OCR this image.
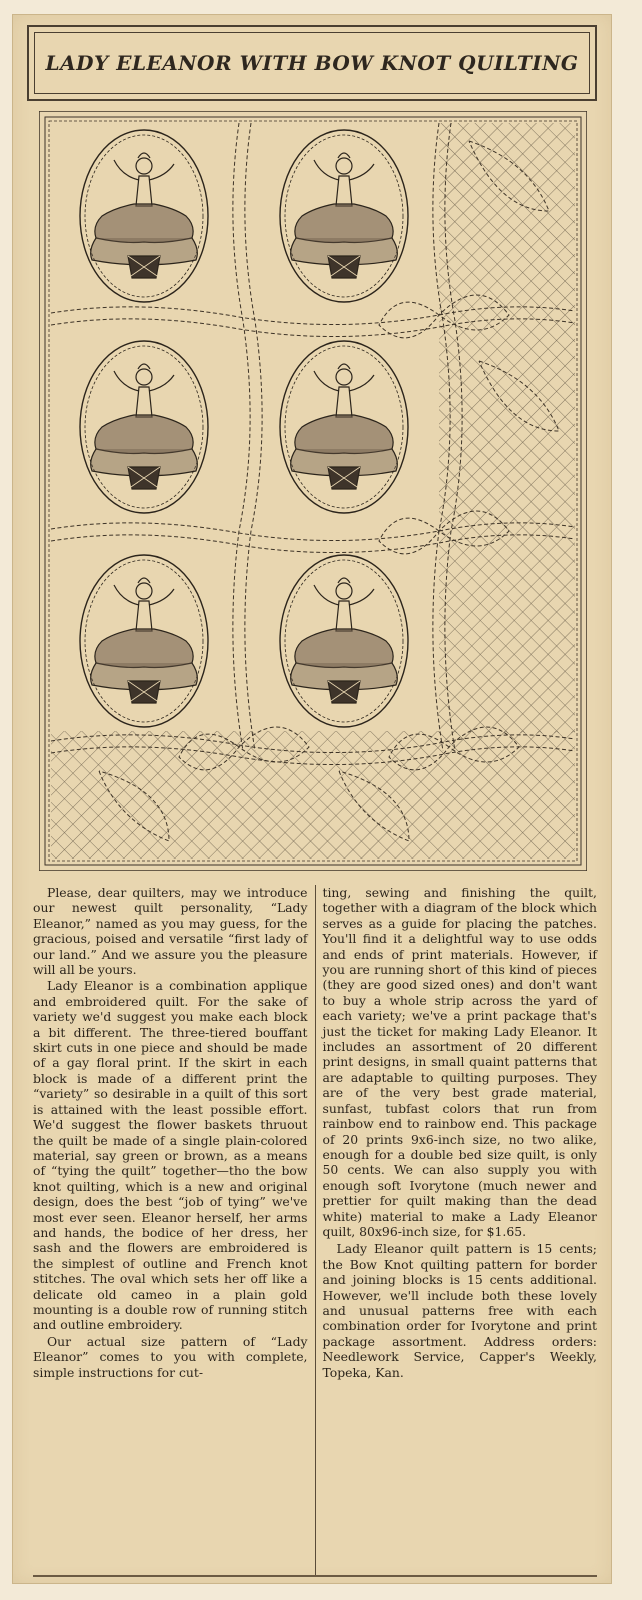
LADY ELEANOR WITH BOW KNOT QUILTING

Please, dear quilters, may we introduce our newest quilt personality, “Lady Eleanor,” named as you may guess, for the gracious, poised and versatile “first lady of our land.” And we assure you the pleasure will all be yours.

Lady Eleanor is a combination applique and embroidered quilt. For the sake of variety we'd suggest you make each block a bit different. The three-tiered bouffant skirt cuts in one piece and should be made of a gay floral print. If the skirt in each block is made of a different print the “variety” so desirable in a quilt of this sort is attained with the least possible effort. We'd suggest the flower baskets thruout the quilt be made of a single plain-colored material, say green or brown, as a means of “tying the quilt” together—tho the bow knot quilting, which is a new and original design, does the best “job of tying” we've most ever seen. Eleanor herself, her arms and hands, the bodice of her dress, her sash and the flowers are embroidered is the simplest of outline and French knot stitches. The oval which sets her off like a delicate old cameo in a plain gold mounting is a double row of running stitch and outline embroidery.

Our actual size pattern of “Lady Eleanor” comes to you with complete, simple instructions for cut-

ting, sewing and finishing the quilt, together with a diagram of the block which serves as a guide for placing the patches. You'll find it a delightful way to use odds and ends of print materials. However, if you are running short of this kind of pieces (they are good sized ones) and don't want to buy a whole strip across the yard of each variety; we've a print package that's just the ticket for making Lady Eleanor. It includes an assortment of 20 different print designs, in small quaint patterns that are adaptable to quilting purposes. They are of the very best grade material, sunfast, tubfast colors that run from rainbow end to rainbow end. This package of 20 prints 9x6-inch size, no two alike, enough for a double bed size quilt, is only 50 cents. We can also supply you with enough soft Ivorytone (much newer and prettier for quilt making than the dead white) material to make a Lady Eleanor quilt, 80x96-inch size, for $1.65.

Lady Eleanor quilt pattern is 15 cents; the Bow Knot quilting pattern for border and joining blocks is 15 cents additional. However, we'll include both these lovely and unusual patterns free with each combination order for Ivorytone and print package assortment. Address orders: Needlework Service, Capper's Weekly, Topeka, Kan.
